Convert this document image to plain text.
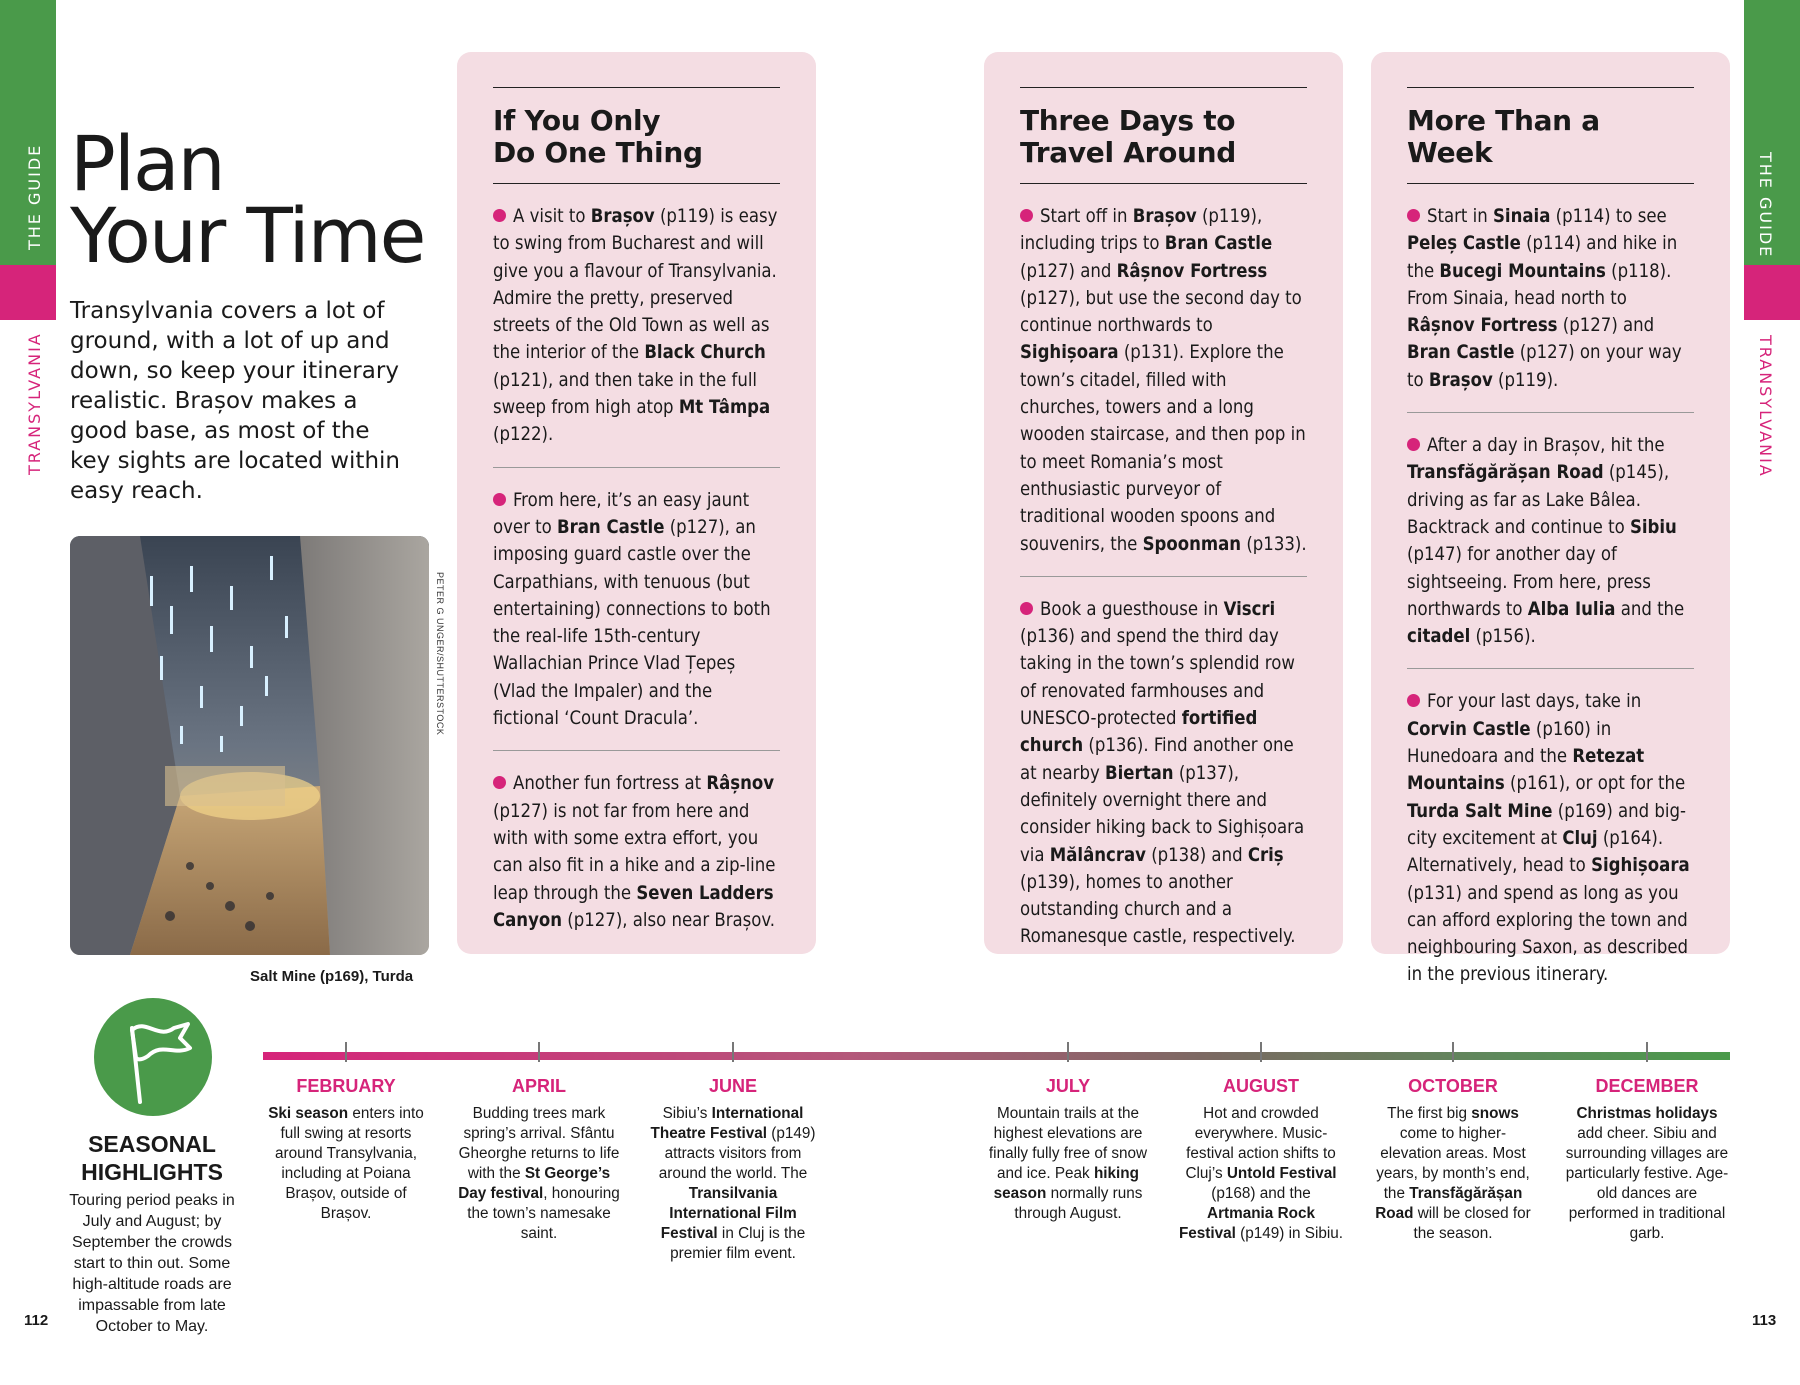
THE GUIDE
TRANSYLVANIA
THE GUIDE
TRANSYLVANIA
Plan
Your Time

Transylvania covers a lot of ground, with a lot of up and down, so keep your itinerary realistic. Brașov makes a good base, as most of the key sights are located within easy reach.

PETER G UNGER/SHUTTERSTOCK
Salt Mine (p169), Turda
If You Only
Do One Thing
A visit to Brașov (p119) is easy to swing from Bucharest and will give you a flavour of Transylvania. Admire the pretty, preserved streets of the Old Town as well as the interior of the Black Church (p121), and then take in the full sweep from high atop Mt Tâmpa (p122).
From here, it’s an easy jaunt over to Bran Castle (p127), an imposing guard castle over the Carpathians, with tenuous (but entertaining) connections to both the real-life 15th-century Wallachian Prince Vlad Țepeș (Vlad the Impaler) and the fictional ‘Count Dracula’.
Another fun fortress at Râșnov (p127) is not far from here and with with some extra effort, you can also fit in a hike and a zip-line leap through the Seven Ladders Canyon (p127), also near Brașov.
Three Days to
Travel Around
Start off in Brașov (p119), including trips to Bran Castle (p127) and Râșnov Fortress (p127), but use the second day to continue northwards to Sighișoara (p131). Explore the town’s citadel, filled with churches, towers and a long wooden staircase, and then pop in to meet Romania’s most enthusiastic purveyor of traditional wooden spoons and souvenirs, the Spoonman (p133).
Book a guesthouse in Viscri (p136) and spend the third day taking in the town’s splendid row of renovated farmhouses and UNESCO-protected fortified church (p136). Find another one at nearby Biertan (p137), definitely overnight there and consider hiking back to Sighișoara via Mălâncrav (p138) and Criș (p139), homes to another outstanding church and a Romanesque castle, respectively.
More Than a Week
Start in Sinaia (p114) to see Peleș Castle (p114) and hike in the Bucegi Mountains (p118). From Sinaia, head north to Râșnov Fortress (p127) and Bran Castle (p127) on your way to Brașov (p119).
After a day in Brașov, hit the Transfăgărășan Road (p145), driving as far as Lake Bâlea. Backtrack and continue to Sibiu (p147) for another day of sightseeing. From here, press northwards to Alba Iulia and the citadel (p156).
For your last days, take in Corvin Castle (p160) in Hunedoara and the Retezat Mountains (p161), or opt for the Turda Salt Mine (p169) and big-city excitement at Cluj (p164). Alternatively, head to Sighișoara (p131) and spend as long as you can afford exploring the town and neighbouring Saxon, as described in the previous itinerary.
SEASONAL
HIGHLIGHTS

Touring period peaks in July and August; by September the crowds start to thin out. Some high-altitude roads are impassable from late October to May.

FEBRUARY
Ski season enters into full swing at resorts around Transylvania, including at Poiana Brașov, outside of Brașov.
APRIL
Budding trees mark spring’s arrival. Sfântu Gheorghe returns to life with the St George’s Day festival, honouring the town’s namesake saint.
JUNE
Sibiu’s International Theatre Festival (p149) attracts visitors from around the world. The Transilvania International Film Festival in Cluj is the premier film event.
JULY
Mountain trails at the highest elevations are finally fully free of snow and ice. Peak hiking season normally runs through August.
AUGUST
Hot and crowded everywhere. Music-festival action shifts to Cluj’s Untold Festival (p168) and the Artmania Rock Festival (p149) in Sibiu.
OCTOBER
The first big snows come to higher-elevation areas. Most years, by month’s end, the Transfăgărășan Road will be closed for the season.
DECEMBER
Christmas holidays add cheer. Sibiu and surrounding villages are particularly festive. Age-old dances are performed in traditional garb.
112	113
